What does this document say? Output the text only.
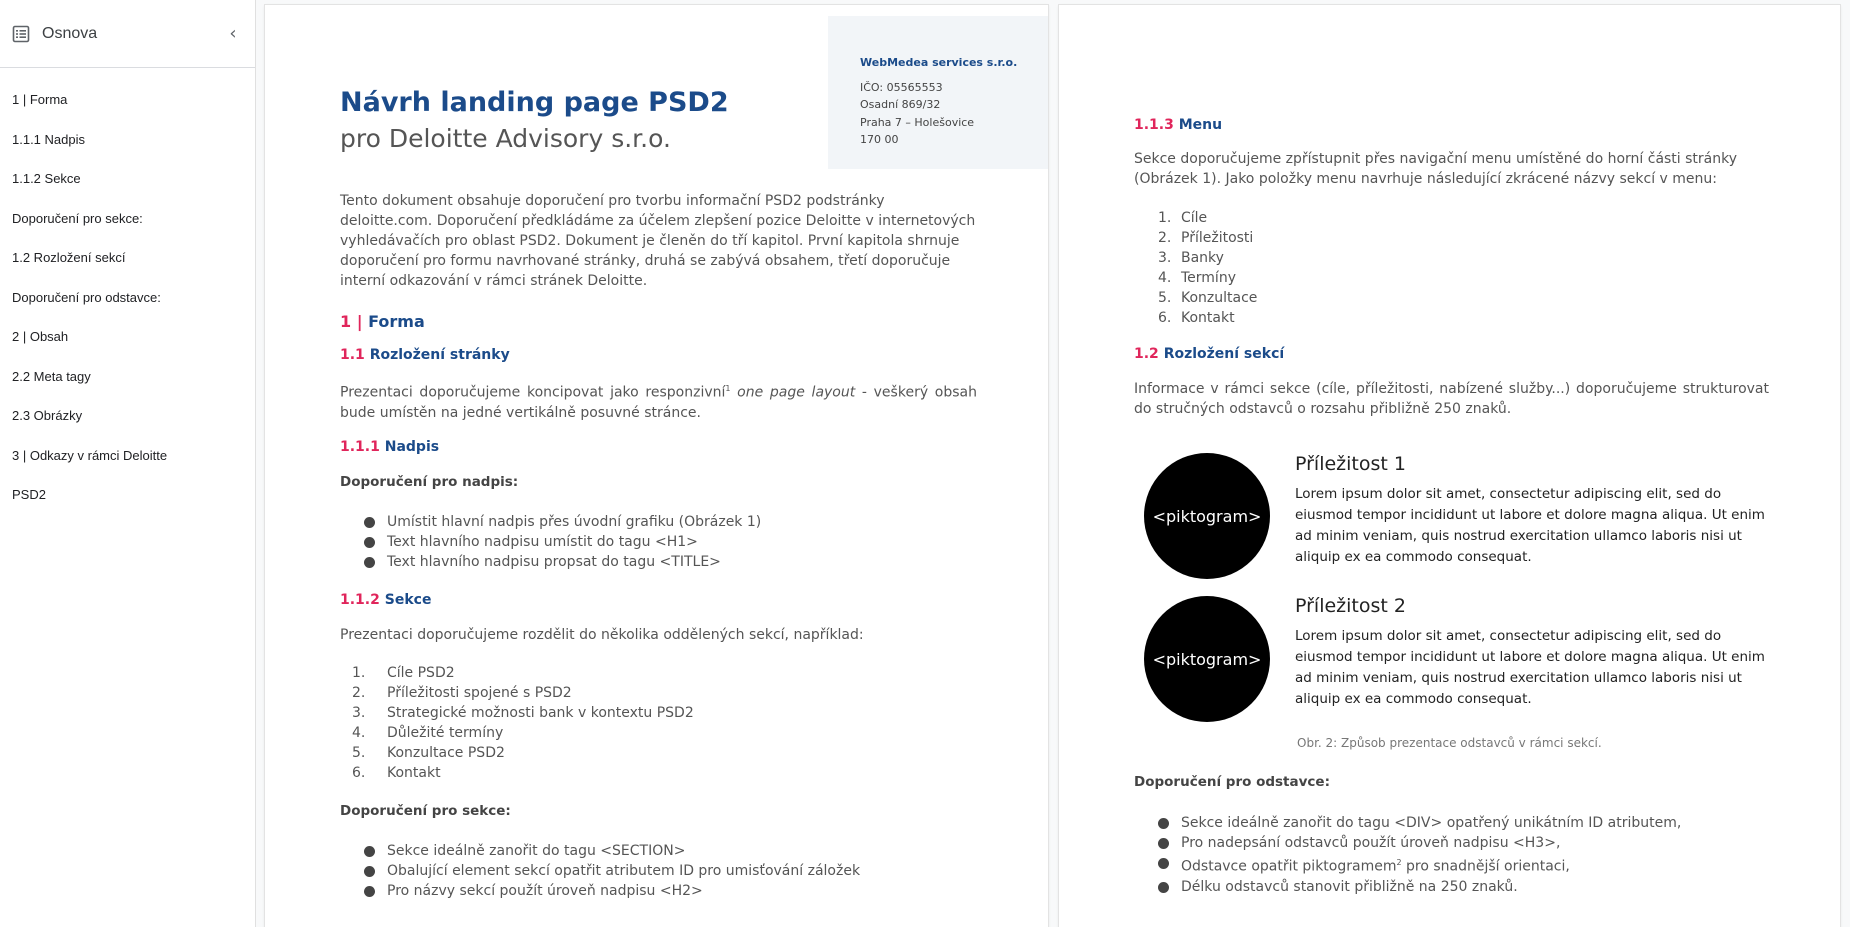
Osnova	‹
1 | Forma
1.1.1 Nadpis
1.1.2 Sekce
Doporučení pro sekce:
1.2 Rozložení sekcí
Doporučení pro odstavce:
2 | Obsah
2.2 Meta tagy
2.3 Obrázky
3 | Odkazy v rámci Deloitte
PSD2
WebMedea services s.r.o.
IČO: 05565553
Osadní 869/32
Praha 7 – Holešovice
170 00
Návrh landing page PSD2
pro Deloitte Advisory s.r.o.
Tento dokument obsahuje doporučení pro tvorbu informační PSD2 podstránky deloitte.com. Doporučení předkládáme za účelem zlepšení pozice Deloitte v internetových vyhledávačích pro oblast PSD2. Dokument je členěn do tří kapitol. První kapitola shrnuje doporučení pro formu navrhované stránky, druhá se zabývá obsahem, třetí doporučuje interní odkazování v rámci stránek Deloitte.
1 | Forma
1.1 Rozložení stránky
Prezentaci doporučujeme koncipovat jako responzivní$^1$ one page layout - veškerý obsah bude umístěn na jedné vertikálně posuvné stránce.
1.1.1 Nadpis
Doporučení pro nadpis:
Umístit hlavní nadpis přes úvodní grafiku (Obrázek 1)
Text hlavního nadpisu umístit do tagu <H1>
Text hlavního nadpisu propsat do tagu <TITLE>
1.1.2 Sekce
Prezentaci doporučujeme rozdělit do několika oddělených sekcí, například:
1. Cíle PSD2
2. Příležitosti spojené s PSD2
3. Strategické možnosti bank v kontextu PSD2
4. Důležité termíny
5. Konzultace PSD2
6. Kontakt
Doporučení pro sekce:
Sekce ideálně zanořit do tagu <SECTION>
Obalující element sekcí opatřit atributem ID pro umisťování záložek
Pro názvy sekcí použít úroveň nadpisu <H2>
1.1.3 Menu
Sekce doporučujeme zpřístupnit přes navigační menu umístěné do horní části stránky (Obrázek 1). Jako položky menu navrhuje následující zkrácené názvy sekcí v menu:
1. Cíle
2. Příležitosti
3. Banky
4. Termíny
5. Konzultace
6. Kontakt
1.2 Rozložení sekcí
Informace v rámci sekce (cíle, příležitosti, nabízené služby...) doporučujeme strukturovat do stručných odstavců o rozsahu přibližně 250 znaků.
<piktogram>
Příležitost 1
Lorem ipsum dolor sit amet, consectetur adipiscing elit, sed do eiusmod tempor incididunt ut labore et dolore magna aliqua. Ut enim ad minim veniam, quis nostrud exercitation ullamco laboris nisi ut aliquip ex ea commodo consequat.
<piktogram>
Příležitost 2
Lorem ipsum dolor sit amet, consectetur adipiscing elit, sed do eiusmod tempor incididunt ut labore et dolore magna aliqua. Ut enim ad minim veniam, quis nostrud exercitation ullamco laboris nisi ut aliquip ex ea commodo consequat.
Obr. 2: Způsob prezentace odstavců v rámci sekcí.
Doporučení pro odstavce:
Sekce ideálně zanořit do tagu <DIV> opatřený unikátním ID atributem,
Pro nadepsání odstavců použít úroveň nadpisu <H3>,
Odstavce opatřit piktogramem$^2$ pro snadnější orientaci,
Délku odstavců stanovit přibližně na 250 znaků.
